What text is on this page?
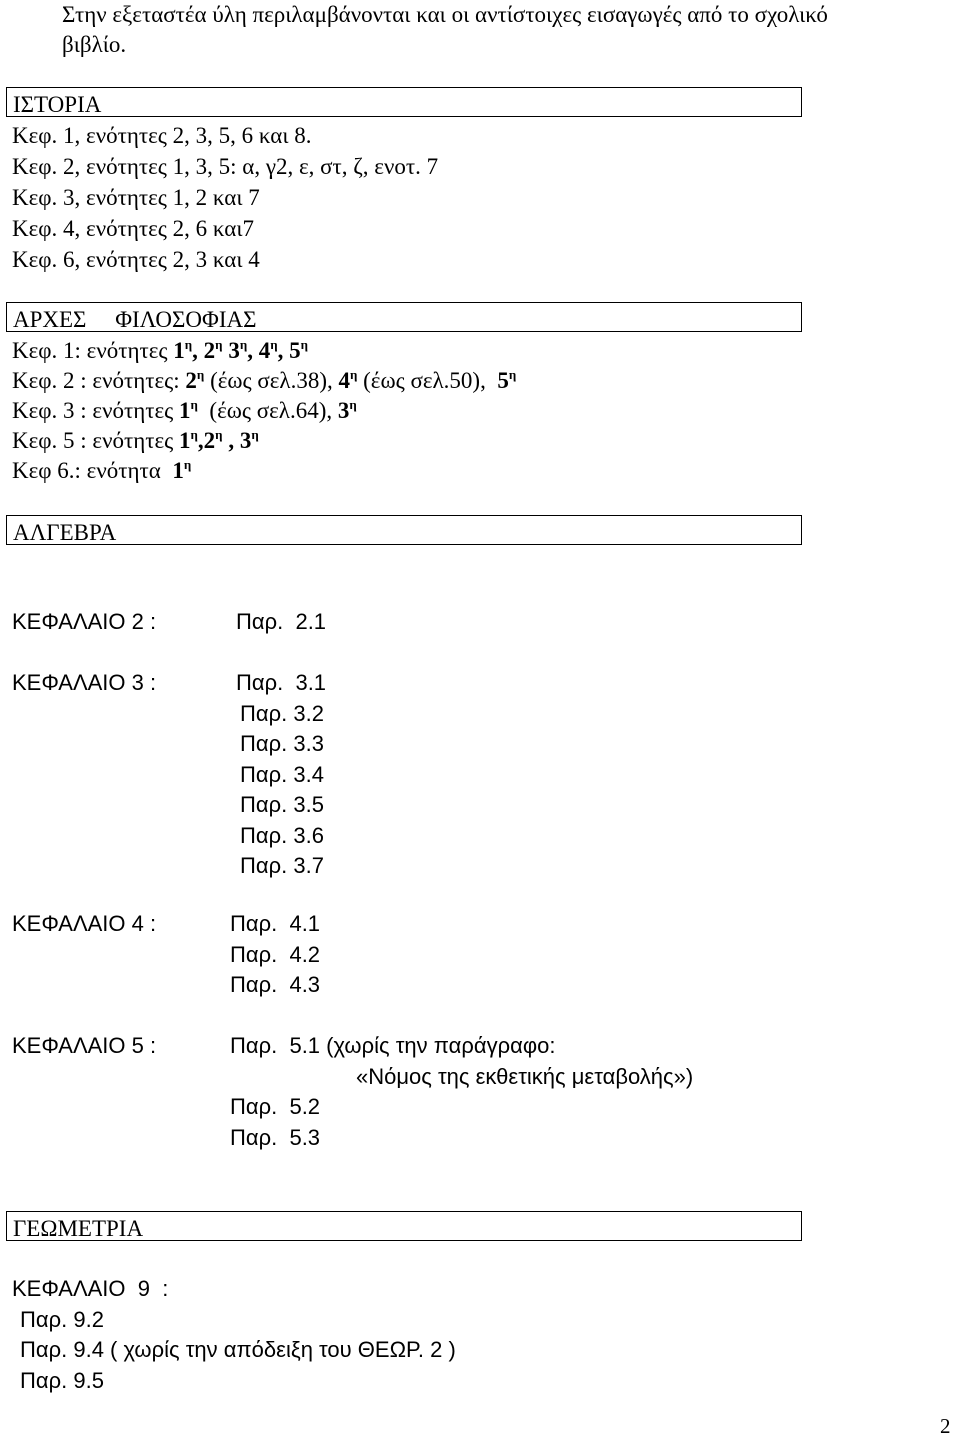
Στην εξεταστέα ύλη περιλαμβάνονται και οι αντίστοιχες εισαγωγές από το σχολικό
βιβλίο.
ΙΣΤΟΡΙΑ
Κεφ. 1, ενότητες 2, 3, 5, 6 και 8.
Κεφ. 2, ενότητες 1, 3, 5: α, γ2, ε, στ, ζ, ενοτ. 7
Κεφ. 3, ενότητες 1, 2 και 7
Κεφ. 4, ενότητες 2, 6 και7
Κεφ. 6, ενότητες 2, 3 και 4
ΑΡΧΕΣ     ΦΙΛΟΣΟΦΙΑΣ
Κεφ. 1: ενότητες $1^\eta$, $2^\eta$ $3^\eta$, $4^\eta$, $5^\eta$
Κεφ. 2 : ενότητες: $2^\eta$ (έως σελ.38), $4^\eta$ (έως σελ.50),  $5^\eta$
Κεφ. 3 : ενότητες $1^\eta$  (έως σελ.64), $3^\eta$
Κεφ. 5 : ενότητες $1^\eta,2^\eta$ , $3^\eta$
Κεφ 6.: ενότητα  $1^\eta$
ΑΛΓΕΒΡΑ
ΚΕΦΑΛΑΙΟ 2 :	Παρ.  2.1
ΚΕΦΑΛΑΙΟ 3 :	Παρ.  3.1
Παρ. 3.2
Παρ. 3.3
Παρ. 3.4
Παρ. 3.5
Παρ. 3.6
Παρ. 3.7
ΚΕΦΑΛΑΙΟ 4 :	Παρ.  4.1
Παρ.  4.2
Παρ.  4.3
ΚΕΦΑΛΑΙΟ 5 :	Παρ.  5.1 (χωρίς την παράγραφο:
«Νόμος της εκθετικής μεταβολής»)
Παρ.  5.2
Παρ.  5.3
ΓΕΩΜΕΤΡΙΑ
ΚΕΦΑΛΑΙΟ  9  :
Παρ. 9.2
Παρ. 9.4 ( χωρίς την απόδειξη του ΘΕΩΡ. 2 )
Παρ. 9.5
2
